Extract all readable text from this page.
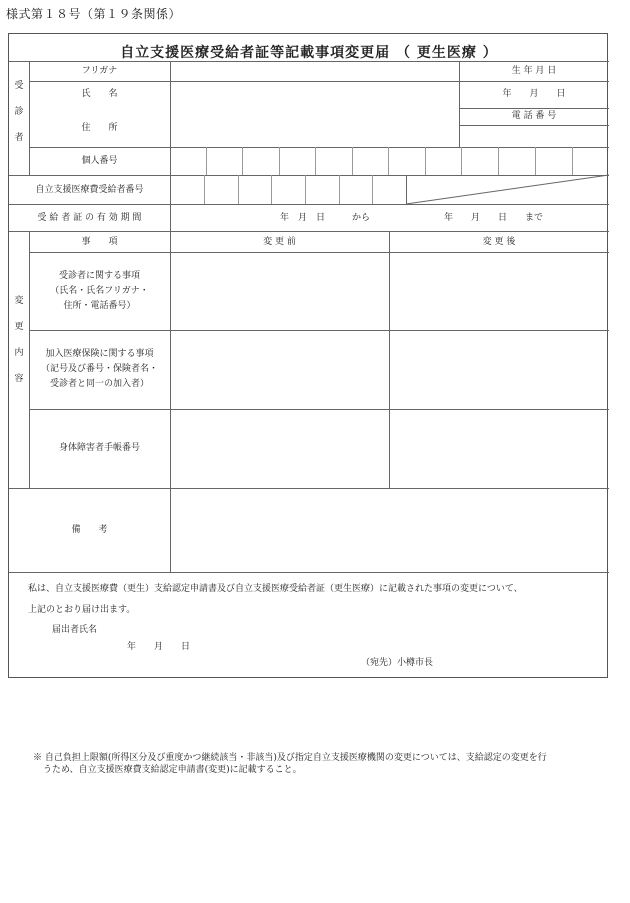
様式第１８号（第１９条関係）
自立支援医療受給者証等記載事項変更届 （ 更生医療 ）
受
診
者
フリガナ
氏　　名
住　　所
個人番号
生 年 月 日
年　　月　　日
電 話 番 号
自立支援医療費受給者番号
受 給 者 証 の 有 効 期 間	年　月　日　　　から	年　　月　　日　　まで
変
更
内
容
事　　項	変 更 前	変 更 後
受診者に関する事項
（氏名・氏名フリガナ・
住所・電話番号）
加入医療保険に関する事項
（記号及び番号・保険者名・
受診者と同一の加入者）
身体障害者手帳番号
備　　考
私は、自立支援医療費（更生）支給認定申請書及び自立支援医療受給者証（更生医療）に記載された事項の変更について、
上記のとおり届け出ます。
届出者氏名
年　　月　　日
（宛先）小樽市長
※ 自己負担上限額(所得区分及び重度かつ継続該当・非該当)及び指定自立支援医療機関の変更については、支給認定の変更を行
うため、自立支援医療費支給認定申請書(変更)に記載すること。
